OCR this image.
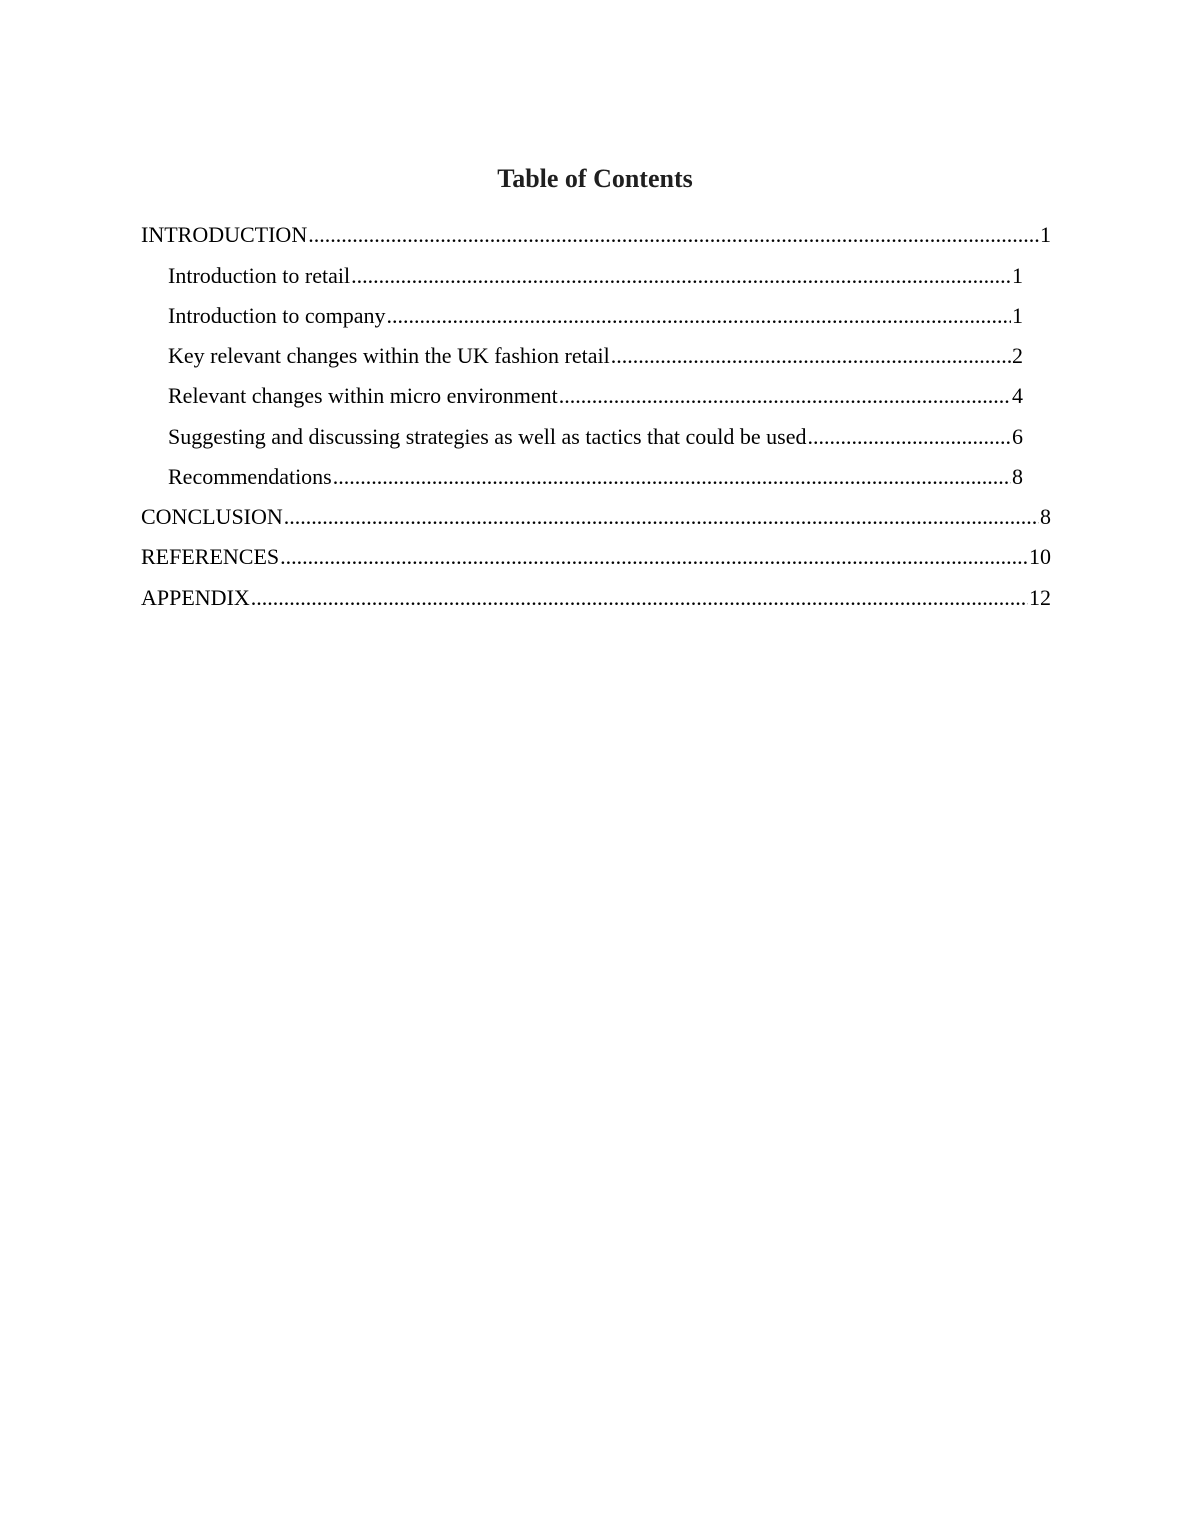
Table of Contents
INTRODUCTION .....	1
Introduction to retail .....	1
Introduction to company .....	1
Key relevant changes within the UK fashion retail .....	2
Relevant changes within micro environment .....	4
Suggesting and discussing strategies as well as tactics that could be used .....	6
Recommendations .....	8
CONCLUSION .....	8
REFERENCES .....	10
APPENDIX .....	12
